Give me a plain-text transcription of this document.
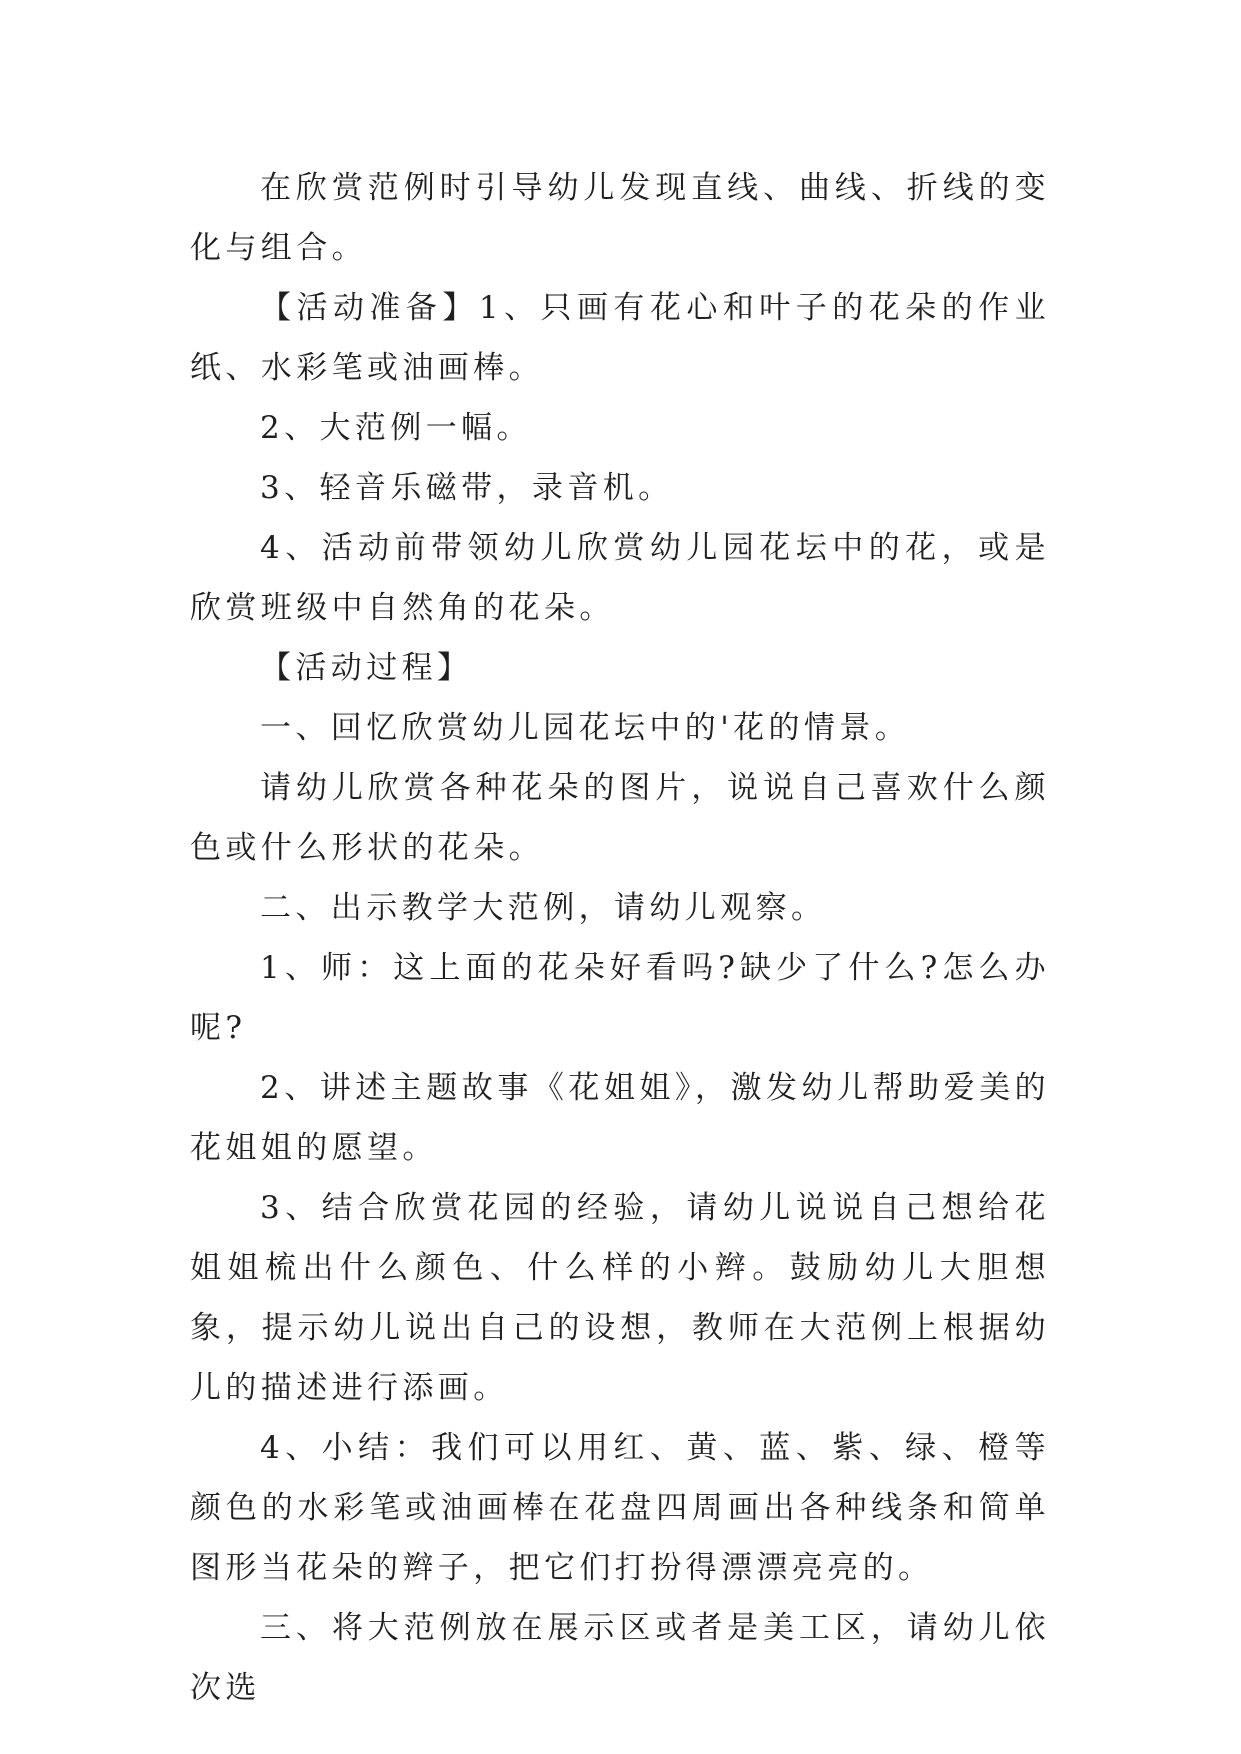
在欣赏范例时引导幼儿发现直线、曲线、折线的变化与组合。

【活动准备】1、只画有花心和叶子的花朵的作业纸、水彩笔或油画棒。

2、大范例一幅。

3、轻音乐磁带，录音机。

4、活动前带领幼儿欣赏幼儿园花坛中的花，或是欣赏班级中自然角的花朵。

【活动过程】

一、回忆欣赏幼儿园花坛中的'花的情景。

请幼儿欣赏各种花朵的图片，说说自己喜欢什么颜色或什么形状的花朵。

二、出示教学大范例，请幼儿观察。

1、师：这上面的花朵好看吗?缺少了什么?怎么办呢?

2、讲述主题故事《花姐姐》，激发幼儿帮助爱美的花姐姐的愿望。

3、结合欣赏花园的经验，请幼儿说说自己想给花姐姐梳出什么颜色、什么样的小辫。鼓励幼儿大胆想象，提示幼儿说出自己的设想，教师在大范例上根据幼儿的描述进行添画。

4、小结：我们可以用红、黄、蓝、紫、绿、橙等颜色的水彩笔或油画棒在花盘四周画出各种线条和简单图形当花朵的辫子，把它们打扮得漂漂亮亮的。

三、将大范例放在展示区或者是美工区，请幼儿依次选
